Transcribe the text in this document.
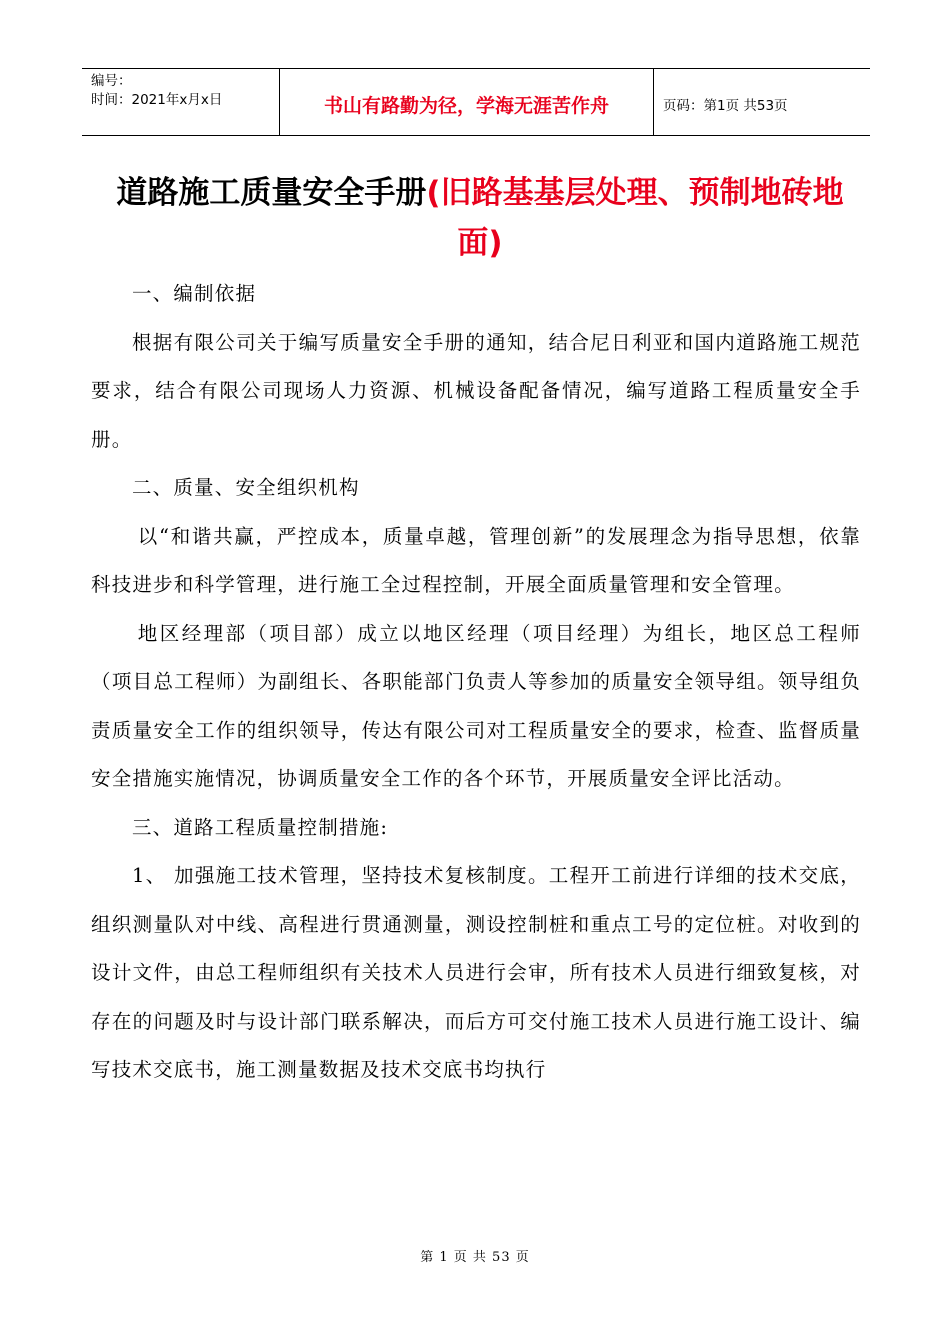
编号：
时间：2021年x月x日	书山有路勤为径，学海无涯苦作舟	页码：第1页 共53页
道路施工质量安全手册(旧路基基层处理、预制地砖地面)

一、编制依据

根据有限公司关于编写质量安全手册的通知，结合尼日利亚和国内道路施工规范要求，结合有限公司现场人力资源、机械设备配备情况，编写道路工程质量安全手册。

二、质量、安全组织机构

以“和谐共赢，严控成本，质量卓越，管理创新”的发展理念为指导思想，依靠科技进步和科学管理，进行施工全过程控制，开展全面质量管理和安全管理。

地区经理部（项目部）成立以地区经理（项目经理）为组长，地区总工程师（项目总工程师）为副组长、各职能部门负责人等参加的质量安全领导组。领导组负责质量安全工作的组织领导，传达有限公司对工程质量安全的要求，检查、监督质量安全措施实施情况，协调质量安全工作的各个环节，开展质量安全评比活动。

三、道路工程质量控制措施:

1、 加强施工技术管理，坚持技术复核制度。工程开工前进行详细的技术交底，组织测量队对中线、高程进行贯通测量，测设控制桩和重点工号的定位桩。对收到的设计文件，由总工程师组织有关技术人员进行会审，所有技术人员进行细致复核，对存在的问题及时与设计部门联系解决，而后方可交付施工技术人员进行施工设计、编写技术交底书，施工测量数据及技术交底书均执行

第 1 页 共 53 页
